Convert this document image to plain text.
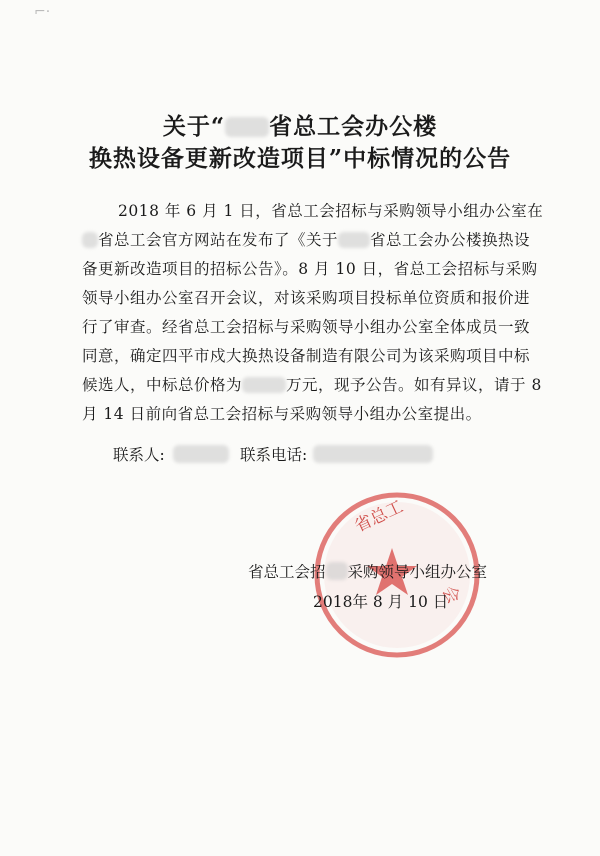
⌐·
关于“ 省总工会办公楼
换热设备更新改造项目”中标情况的公告
2018 年 6 月 1 日，省总工会招标与采购领导小组办公室在
省总工会官方网站在发布了《关于 省总工会办公楼换热设
备更新改造项目的招标公告》。8 月 10 日，省总工会招标与采购
领导小组办公室召开会议，对该采购项目投标单位资质和报价进
行了审查。经省总工会招标与采购领导小组办公室全体成员一致
同意，确定四平市戍大换热设备制造有限公司为该采购项目中标
候选人，中标总价格为	万元，现予公告。如有异议，请于 8
月 14 日前向省总工会招标与采购领导小组办公室提出。
联系人:	联系电话:
省总工
会
省总工会招 采购领导小组办公室
2018年 8 月 10 日
